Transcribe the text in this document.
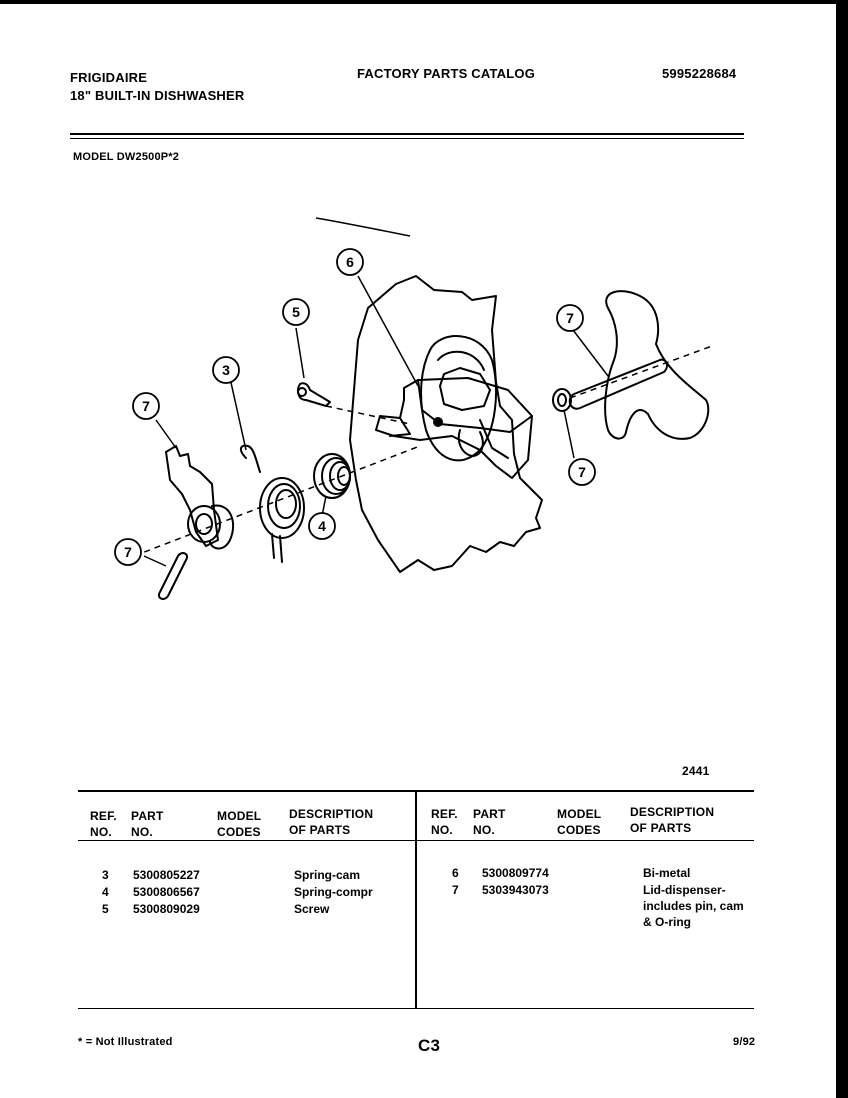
FRIGIDAIRE
18" BUILT-IN DISHWASHER
FACTORY PARTS CATALOG	5995228684
MODEL DW2500P*2
6
5	7
3
7
7
4
7
2441
REF.
NO.
PART
NO.
MODEL
CODES
DESCRIPTION
OF PARTS
REF.
NO.
PART
NO.
MODEL
CODES
DESCRIPTION
OF PARTS
3 5300805227	Spring-cam
4 5300806567	Spring-compr
5 5300809029	Screw
6 5300809774	Bi-metal
7 5303943073	Lid-dispenser-
includes pin, cam
& O-ring
* = Not Illustrated	C3	9/92
